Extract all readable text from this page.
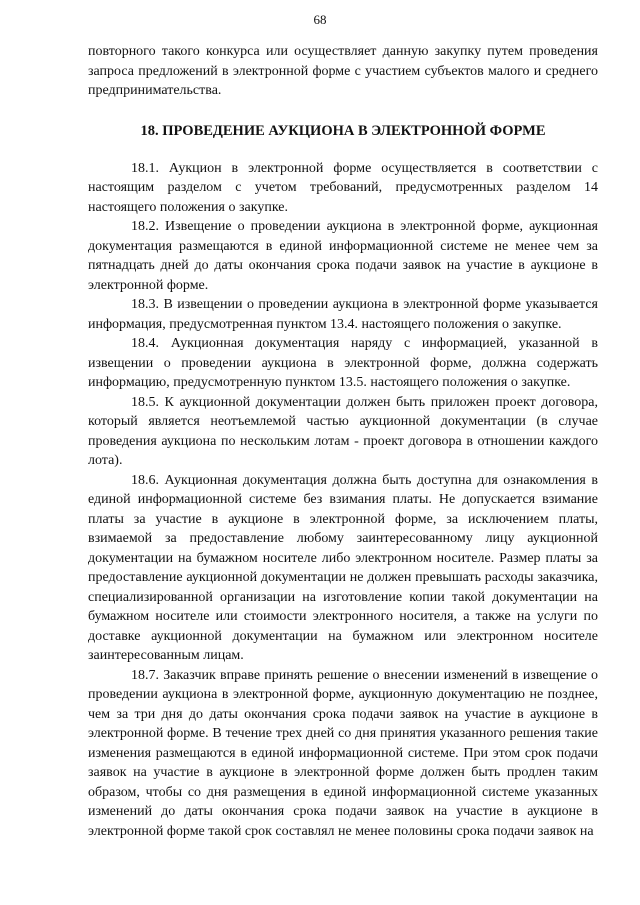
68

повторного такого конкурса или осуществляет данную закупку путем проведения запроса предложений в электронной форме с участием субъектов малого и среднего предпринимательства.

18. ПРОВЕДЕНИЕ АУКЦИОНА В ЭЛЕКТРОННОЙ ФОРМЕ

18.1. Аукцион в электронной форме осуществляется в соответствии с настоящим разделом с учетом требований, предусмотренных разделом 14 настоящего положения о закупке.

18.2. Извещение о проведении аукциона в электронной форме, аукционная документация размещаются в единой информационной системе не менее чем за пятнадцать дней до даты окончания срока подачи заявок на участие в аукционе в электронной форме.

18.3. В извещении о проведении аукциона в электронной форме указывается информация, предусмотренная пунктом 13.4. настоящего положения о закупке.

18.4. Аукционная документация наряду с информацией, указанной в извещении о проведении аукциона в электронной форме, должна содержать информацию, предусмотренную пунктом 13.5. настоящего положения о закупке.

18.5. К аукционной документации должен быть приложен проект договора, который является неотъемлемой частью аукционной документации (в случае проведения аукциона по нескольким лотам - проект договора в отношении каждого лота).

18.6. Аукционная документация должна быть доступна для ознакомления в единой информационной системе без взимания платы. Не допускается взимание платы за участие в аукционе в электронной форме, за исключением платы, взимаемой за предоставление любому заинтересованному лицу аукционной документации на бумажном носителе либо электронном носителе. Размер платы за предоставление аукционной документации не должен превышать расходы заказчика, специализированной организации на изготовление копии такой документации на бумажном носителе или стоимости электронного носителя, а также на услуги по доставке аукционной документации на бумажном или электронном носителе заинтересованным лицам.

18.7. Заказчик вправе принять решение о внесении изменений в извещение о проведении аукциона в электронной форме, аукционную документацию не позднее, чем за три дня до даты окончания срока подачи заявок на участие в аукционе в электронной форме. В течение трех дней со дня принятия указанного решения такие изменения размещаются в единой информационной системе. При этом срок подачи заявок на участие в аукционе в электронной форме должен быть продлен таким образом, чтобы со дня размещения в единой информационной системе указанных изменений до даты окончания срока подачи заявок на участие в аукционе в электронной форме такой срок составлял не менее половины срока подачи заявок на
